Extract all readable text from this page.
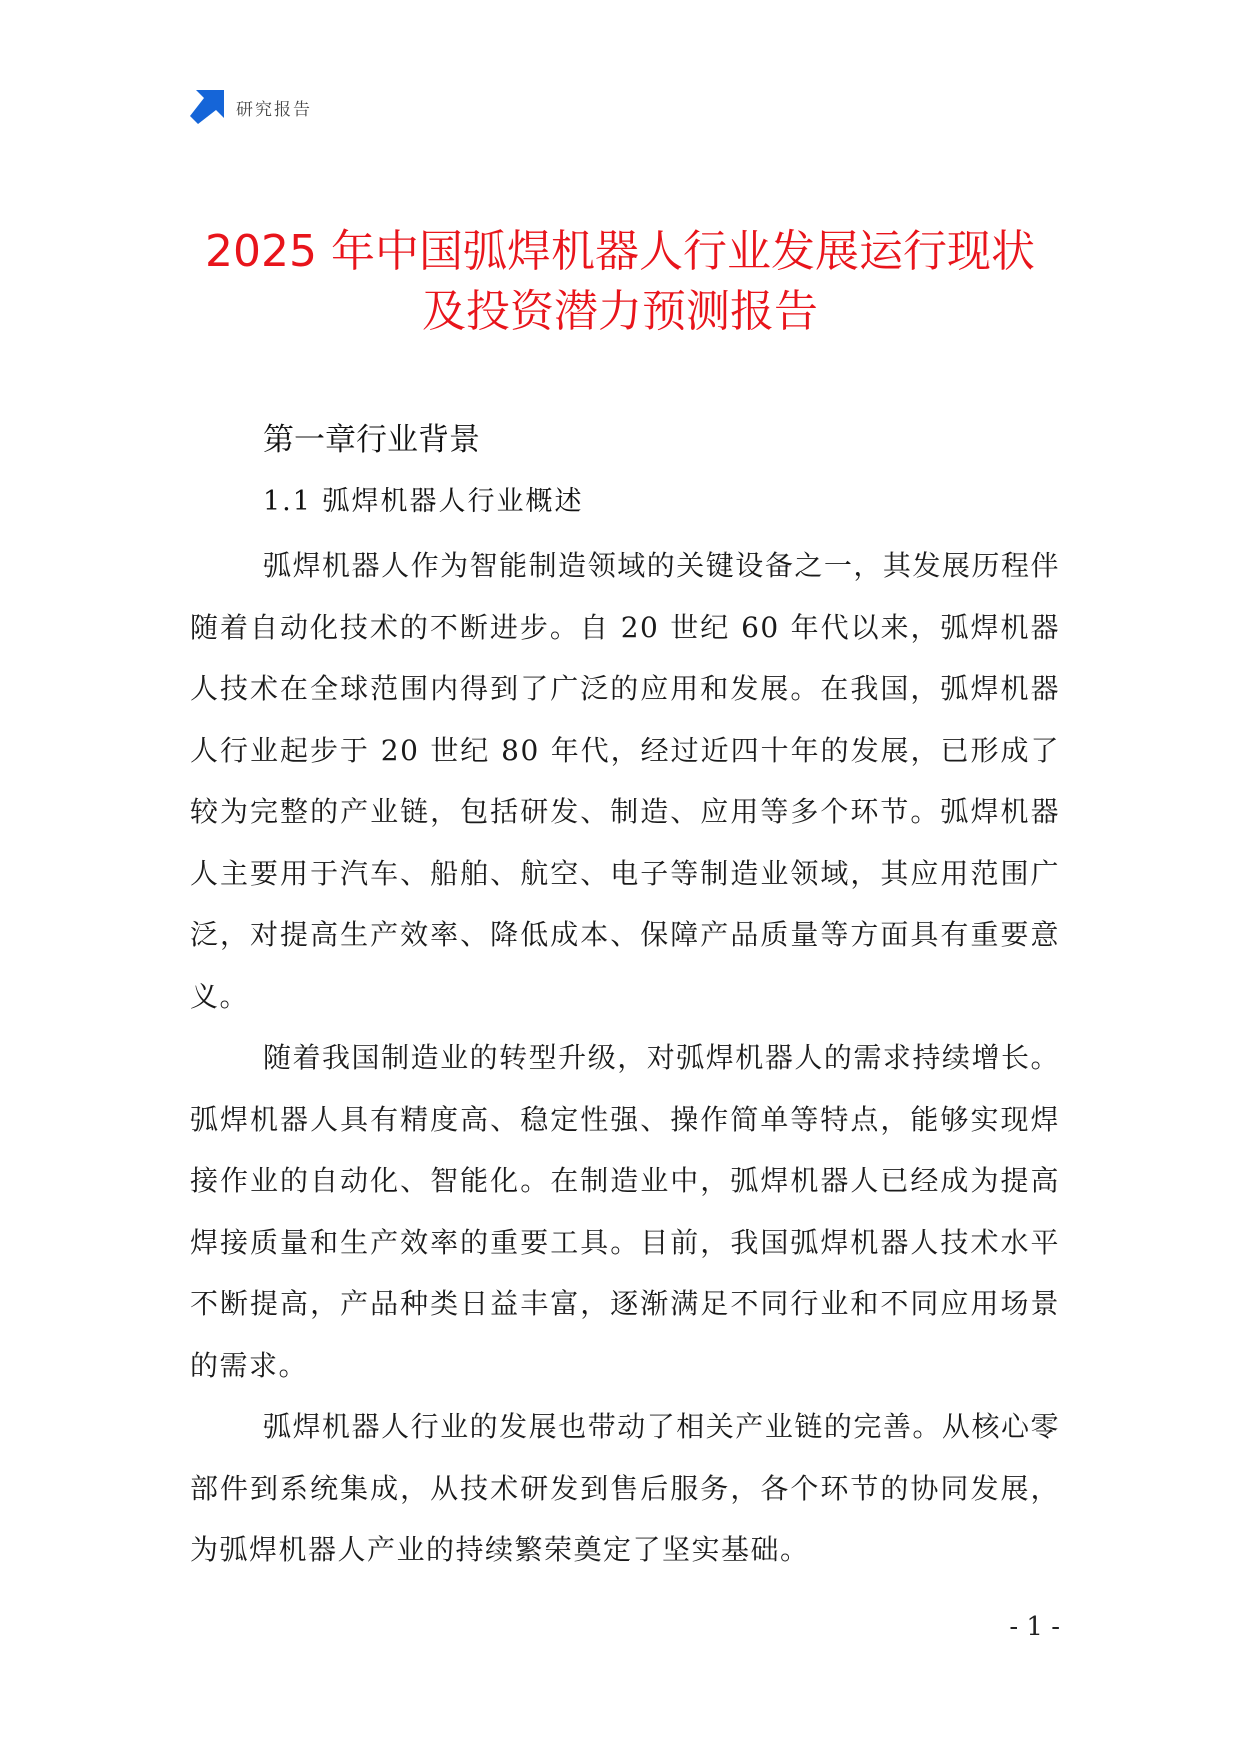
研究报告
2025 年中国弧焊机器人行业发展运行现状
及投资潜力预测报告
第一章行业背景
1.1 弧焊机器人行业概述

弧焊机器人作为智能制造领域的关键设备之一，其发展历程伴随着自动化技术的不断进步。自 20 世纪 60 年代以来，弧焊机器人技术在全球范围内得到了广泛的应用和发展。在我国，弧焊机器人行业起步于 20 世纪 80 年代，经过近四十年的发展，已形成了较为完整的产业链，包括研发、制造、应用等多个环节。弧焊机器人主要用于汽车、船舶、航空、电子等制造业领域，其应用范围广泛，对提高生产效率、降低成本、保障产品质量等方面具有重要意义。

随着我国制造业的转型升级，对弧焊机器人的需求持续增长。弧焊机器人具有精度高、稳定性强、操作简单等特点，能够实现焊接作业的自动化、智能化。在制造业中，弧焊机器人已经成为提高焊接质量和生产效率的重要工具。目前，我国弧焊机器人技术水平不断提高，产品种类日益丰富，逐渐满足不同行业和不同应用场景的需求。

弧焊机器人行业的发展也带动了相关产业链的完善。从核心零部件到系统集成，从技术研发到售后服务，各个环节的协同发展，为弧焊机器人产业的持续繁荣奠定了坚实基础。

- 1 -
